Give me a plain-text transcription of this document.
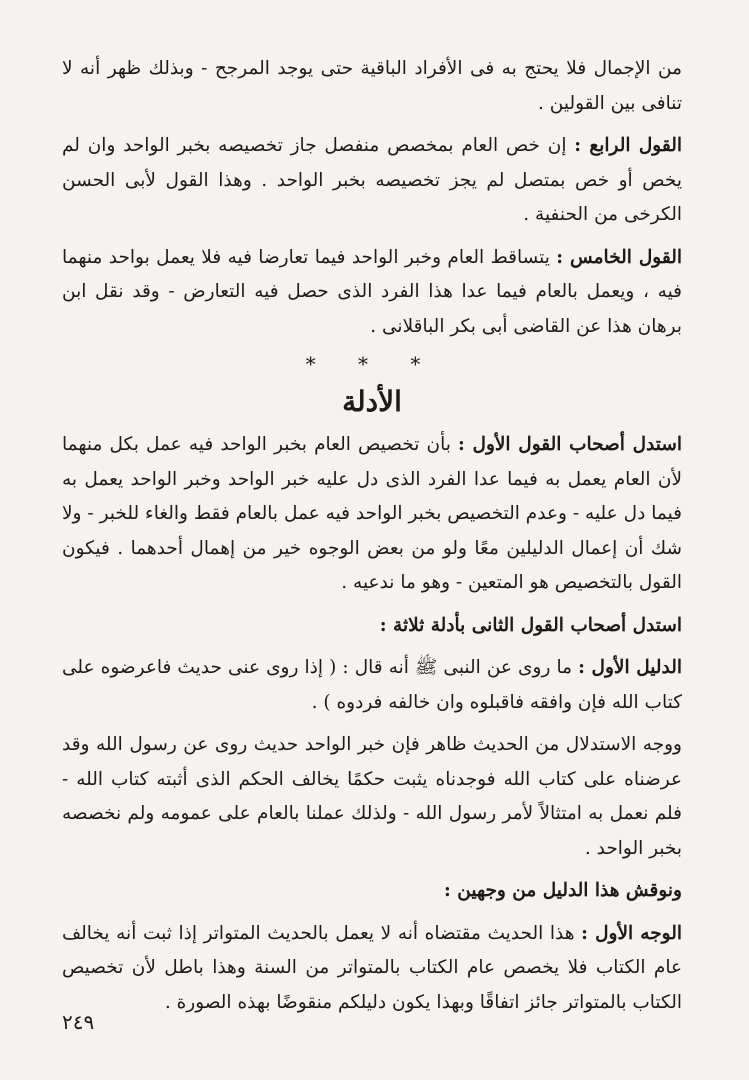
من الإجمال فلا يحتج به فى الأفراد الباقية حتى يوجد المرجح - وبذلك ظهر أنه لا تنافى بين القولين .

القول الرابع : إن خص العام بمخصص منفصل جاز تخصيصه بخبر الواحد وان لم يخص أو خص بمتصل لم يجز تخصيصه بخبر الواحد . وهذا القول لأبى الحسن الكرخى من الحنفية .

القول الخامس : يتساقط العام وخبر الواحد فيما تعارضا فيه فلا يعمل بواحد منهما فيه ، ويعمل بالعام فيما عدا هذا الفرد الذى حصل فيه التعارض - وقد نقل ابن برهان هذا عن القاضى أبى بكر الباقلانى .

* * *
الأدلة

استدل أصحاب القول الأول : بأن تخصيص العام بخبر الواحد فيه عمل بكل منهما لأن العام يعمل به فيما عدا الفرد الذى دل عليه خبر الواحد وخبر الواحد يعمل به فيما دل عليه - وعدم التخصيص بخبر الواحد فيه عمل بالعام فقط والغاء للخبر - ولا شك أن إعمال الدليلين معًا ولو من بعض الوجوه خير من إهمال أحدهما . فيكون القول بالتخصيص هو المتعين - وهو ما ندعيه .

استدل أصحاب القول الثانى بأدلة ثلاثة :

الدليل الأول : ما روى عن النبى ﷺ أنه قال : ( إذا روى عنى حديث فاعرضوه على كتاب الله فإن وافقه فاقبلوه وان خالفه فردوه ) .

ووجه الاستدلال من الحديث ظاهر فإن خبر الواحد حديث روى عن رسول الله وقد عرضناه على كتاب الله فوجدناه يثبت حكمًا يخالف الحكم الذى أثبته كتاب الله - فلم نعمل به امتثالاً لأمر رسول الله - ولذلك عملنا بالعام على عمومه ولم نخصصه بخبر الواحد .

ونوقش هذا الدليل من وجهين :

الوجه الأول : هذا الحديث مقتضاه أنه لا يعمل بالحديث المتواتر إذا ثبت أنه يخالف عام الكتاب فلا يخصص عام الكتاب بالمتواتر من السنة وهذا باطل لأن تخصيص الكتاب بالمتواتر جائز اتفاقًا وبهذا يكون دليلكم منقوضًا بهذه الصورة .

٢٤٩
